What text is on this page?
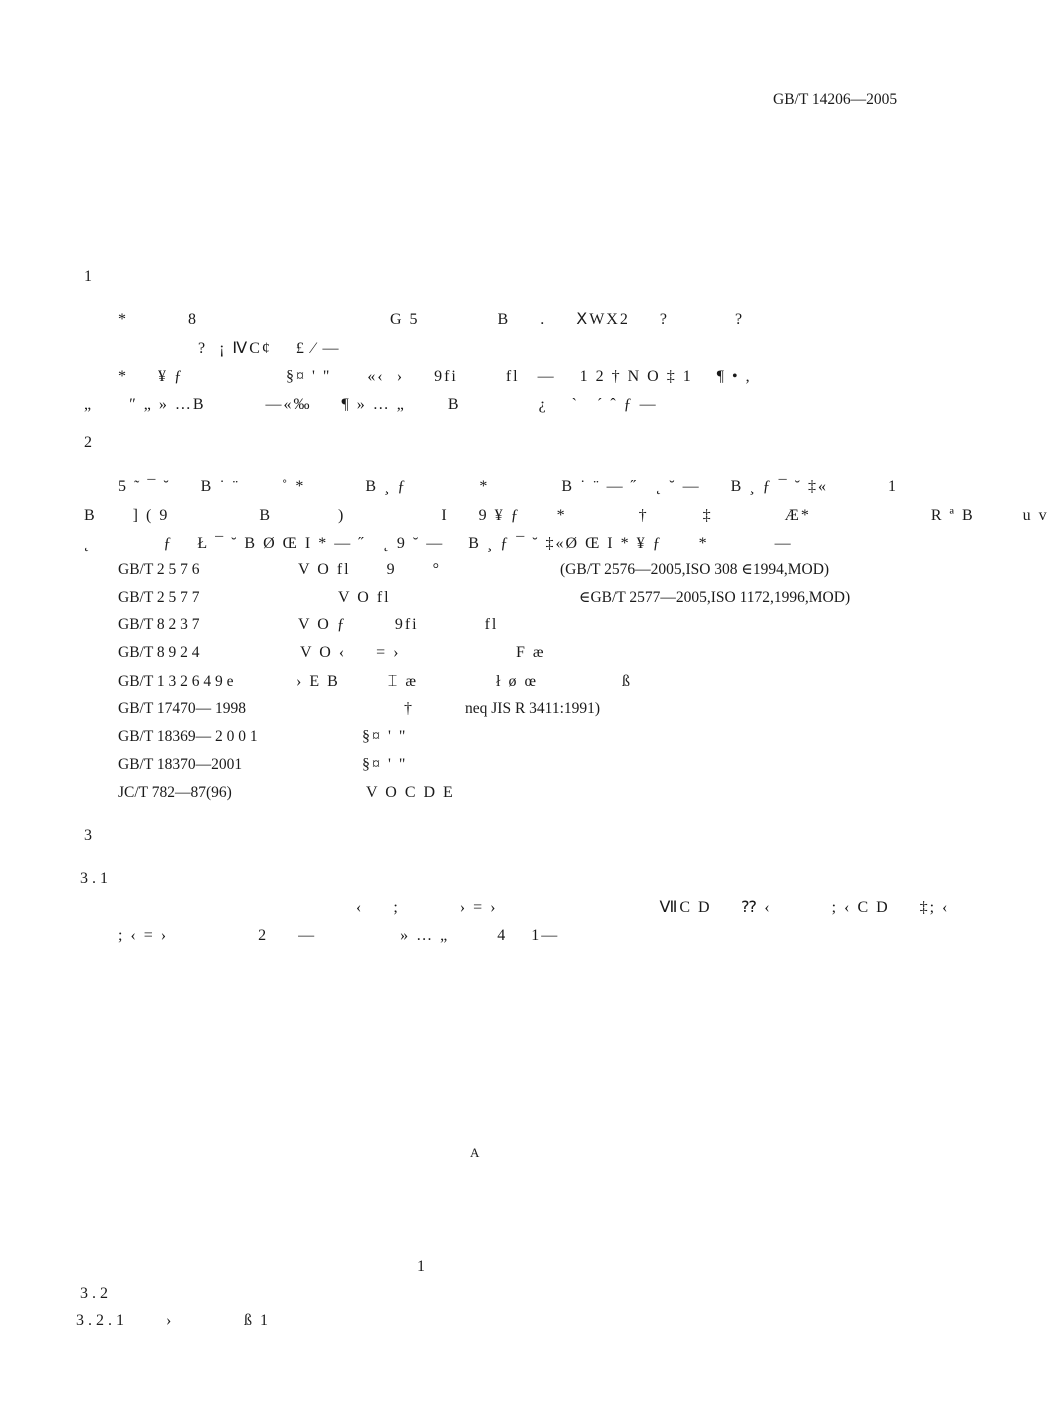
GB/T 14206—2005
1
*          8                                G 5             B     .     ⅩWX2     ?           ?
?  ¡ ⅣC¢    £ ⁄ —
*     ¥ ƒ                 §¤ ' "      «‹  ›     9fi        fl   —    1 2 † N O ‡ 1    ¶ • ,
„      ″ „ » …B          —«‰     ¶ » … „       B             ¿    `   ´ ˆ ƒ —
2
5 ˜ ¯ ˘     B ˙ ¨       ˚ *          B ¸ ƒ            *            B ˙ ¨ — ˝   ˛ ˘ —     B ¸ ƒ ¯ ˘ ‡«          1
B      ] ( 9               B           )                I     9 ¥ ƒ      *            †         ‡            Æ*                    R ª B        u v
˛            ƒ    Ł ¯ ˘ B Ø Œ I * — ˝   ˛ 9 ˘ —    B ¸ ƒ ¯ ˘ ‡«Ø Œ I * ¥ ƒ      *           —
GB/T 2 5 7 6	V O fl      9      °	(GB/T 2576—2005,ISO 308 ∈1994,MOD)
GB/T 2 5 7 7	V O fl	∈GB/T 2577—2005,ISO 1172,1996,MOD)
GB/T 8 2 3 7	V O ƒ        9fi           fl
GB/T 8 9 2 4	V O ‹     = ›	F æ
GB/T 1 3 2 6 4 9 e	› E B        ⌶ æ             ł ø œ              ß
GB/T 17470— 1998	†	neq JIS R 3411:1991)
GB/T 18369— 2 0 0 1	§¤ ' "
GB/T 18370—2001	§¤ ' "
JC/T 782—87(96)	V O C D E
3
3 . 1
‹     ;          › = ›                           ⅦC D     ⁇ ‹          ; ‹ C D     ‡; ‹
; ‹ = ›               2     —              » … „        4    1—
A
1
3 . 2
3 . 2 . 1	›	ß 1
